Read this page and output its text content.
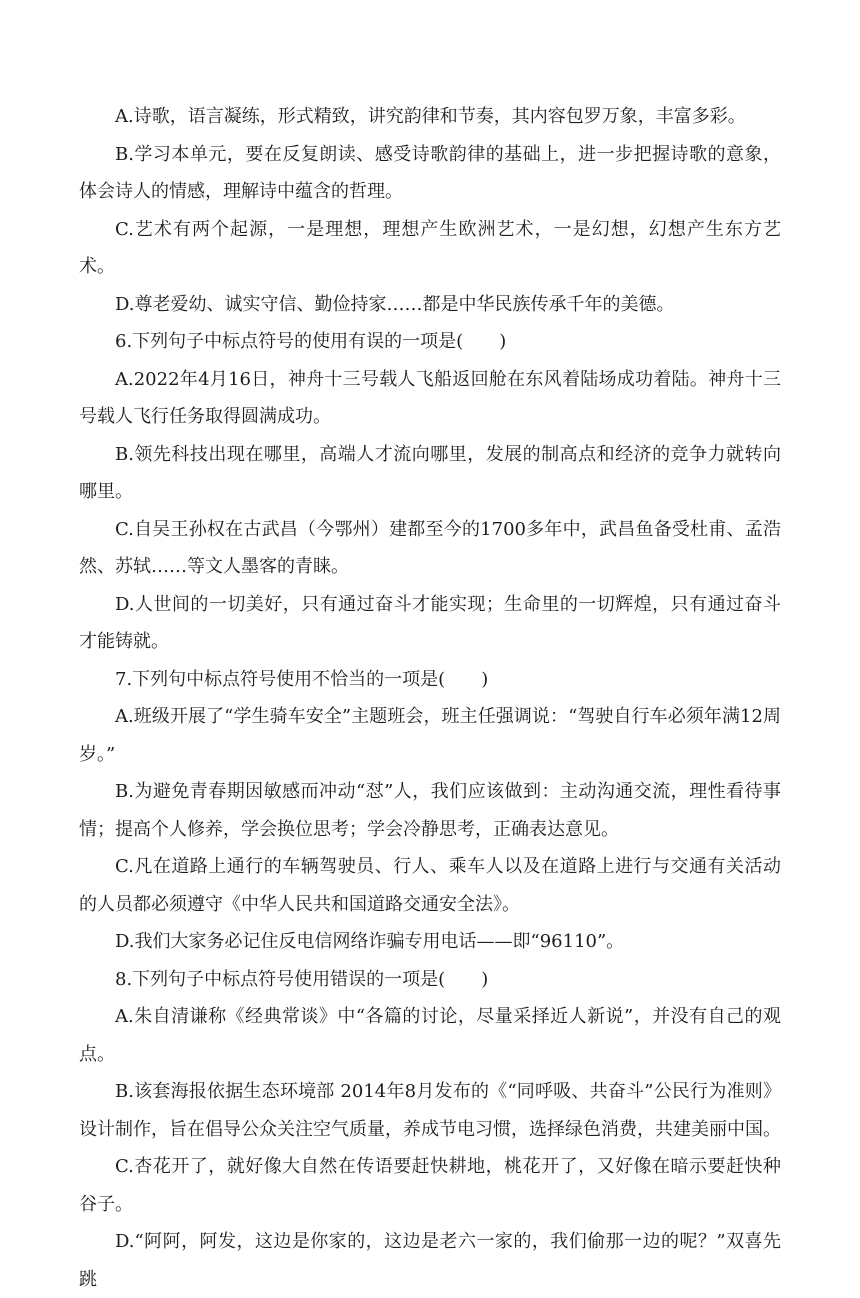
A.诗歌，语言凝练，形式精致，讲究韵律和节奏，其内容包罗万象，丰富多彩。

B.学习本单元，要在反复朗读、感受诗歌韵律的基础上，进一步把握诗歌的意象，体会诗人的情感，理解诗中蕴含的哲理。

C.艺术有两个起源，一是理想，理想产生欧洲艺术，一是幻想，幻想产生东方艺术。

D.尊老爱幼、诚实守信、勤俭持家……都是中华民族传承千年的美德。

6.下列句子中标点符号的使用有误的一项是(　　)

A.2022年4月16日，神舟十三号载人飞船返回舱在东风着陆场成功着陆。神舟十三号载人飞行任务取得圆满成功。

B.领先科技出现在哪里，高端人才流向哪里，发展的制高点和经济的竞争力就转向哪里。

C.自吴王孙权在古武昌（今鄂州）建都至今的1700多年中，武昌鱼备受杜甫、孟浩然、苏轼……等文人墨客的青睐。

D.人世间的一切美好，只有通过奋斗才能实现；生命里的一切辉煌，只有通过奋斗才能铸就。

7.下列句中标点符号使用不恰当的一项是(　　)

A.班级开展了“学生骑车安全”主题班会，班主任强调说：“驾驶自行车必须年满12周岁。”

B.为避免青春期因敏感而冲动“怼”人，我们应该做到：主动沟通交流，理性看待事情；提高个人修养，学会换位思考；学会冷静思考，正确表达意见。

C.凡在道路上通行的车辆驾驶员、行人、乘车人以及在道路上进行与交通有关活动的人员都必须遵守《中华人民共和国道路交通安全法》。

D.我们大家务必记住反电信网络诈骗专用电话——即“96110”。

8.下列句子中标点符号使用错误的一项是(　　)

A.朱自清谦称《经典常谈》中“各篇的讨论，尽量采择近人新说”，并没有自己的观点。

B.该套海报依据生态环境部 2014年8月发布的《“同呼吸、共奋斗”公民行为准则》设计制作，旨在倡导公众关注空气质量，养成节电习惯，选择绿色消费，共建美丽中国。

C.杏花开了，就好像大自然在传语要赶快耕地，桃花开了，又好像在暗示要赶快种谷子。

D.“阿阿，阿发，这边是你家的，这边是老六一家的，我们偷那一边的呢？”双喜先跳
